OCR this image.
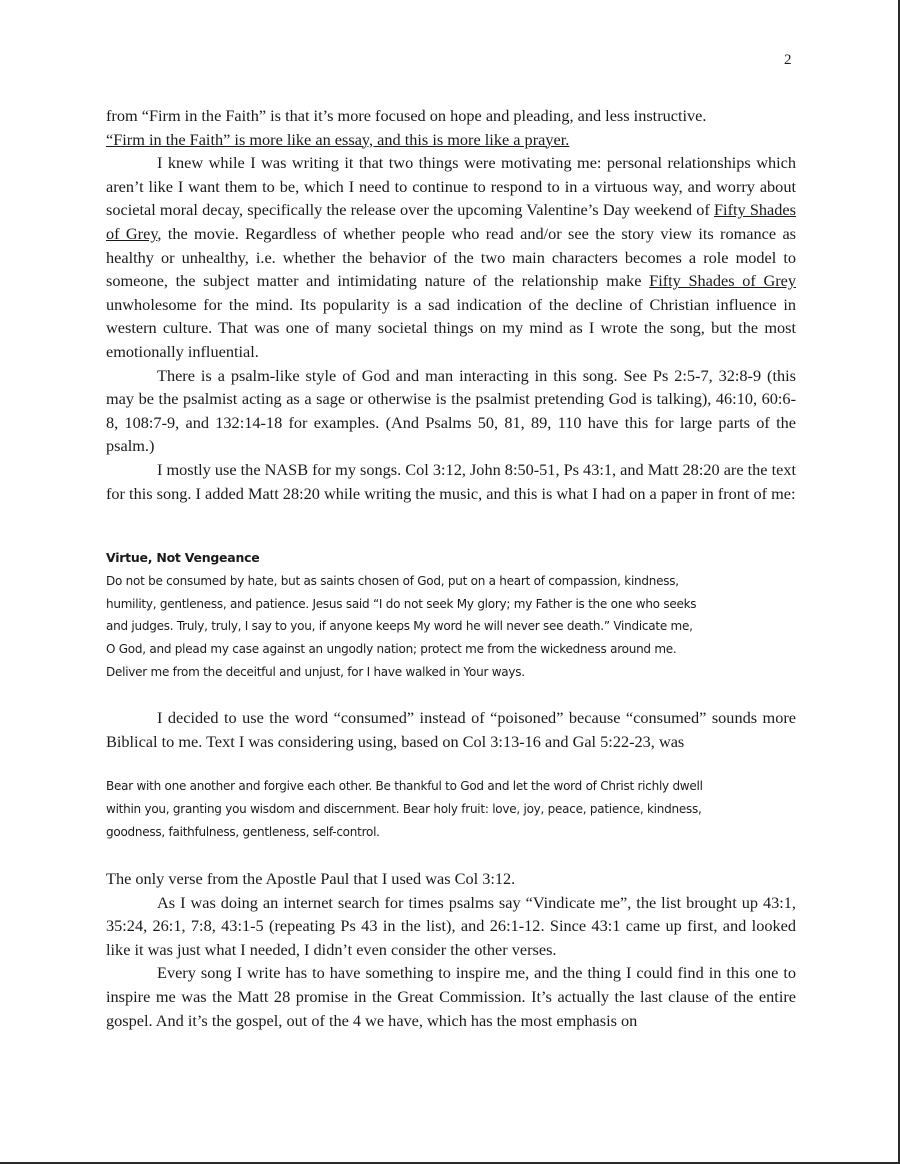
2

from “Firm in the Faith” is that it’s more focused on hope and pleading, and less instructive.

“Firm in the Faith” is more like an essay, and this is more like a prayer.

I knew while I was writing it that two things were motivating me: personal relationships which aren’t like I want them to be, which I need to continue to respond to in a virtuous way, and worry about societal moral decay, specifically the release over the upcoming Valentine’s Day weekend of Fifty Shades of Grey, the movie. Regardless of whether people who read and/or see the story view its romance as healthy or unhealthy, i.e. whether the behavior of the two main characters becomes a role model to someone, the subject matter and intimidating nature of the relationship make Fifty Shades of Grey unwholesome for the mind. Its popularity is a sad indication of the decline of Christian influence in western culture. That was one of many societal things on my mind as I wrote the song, but the most emotionally influential.

There is a psalm-like style of God and man interacting in this song. See Ps 2:5-7, 32:8-9 (this may be the psalmist acting as a sage or otherwise is the psalmist pretending God is talking), 46:10, 60:6-8, 108:7-9, and 132:14-18 for examples. (And Psalms 50, 81, 89, 110 have this for large parts of the psalm.)

I mostly use the NASB for my songs. Col 3:12, John 8:50-51, Ps 43:1, and Matt 28:20 are the text for this song. I added Matt 28:20 while writing the music, and this is what I had on a paper in front of me:

Virtue, Not Vengeance

Do not be consumed by hate, but as saints chosen of God, put on a heart of compassion, kindness,

humility, gentleness, and patience. Jesus said “I do not seek My glory; my Father is the one who seeks

and judges. Truly, truly, I say to you, if anyone keeps My word he will never see death.” Vindicate me,

O God, and plead my case against an ungodly nation; protect me from the wickedness around me.

Deliver me from the deceitful and unjust, for I have walked in Your ways.

I decided to use the word “consumed” instead of “poisoned” because “consumed” sounds more Biblical to me. Text I was considering using, based on Col 3:13-16 and Gal 5:22-23, was

Bear with one another and forgive each other. Be thankful to God and let the word of Christ richly dwell

within you, granting you wisdom and discernment. Bear holy fruit: love, joy, peace, patience, kindness,

goodness, faithfulness, gentleness, self-control.

The only verse from the Apostle Paul that I used was Col 3:12.

As I was doing an internet search for times psalms say “Vindicate me”, the list brought up 43:1, 35:24, 26:1, 7:8, 43:1-5 (repeating Ps 43 in the list), and 26:1-12. Since 43:1 came up first, and looked like it was just what I needed, I didn’t even consider the other verses.

Every song I write has to have something to inspire me, and the thing I could find in this one to inspire me was the Matt 28 promise in the Great Commission. It’s actually the last clause of the entire gospel. And it’s the gospel, out of the 4 we have, which has the most emphasis on
